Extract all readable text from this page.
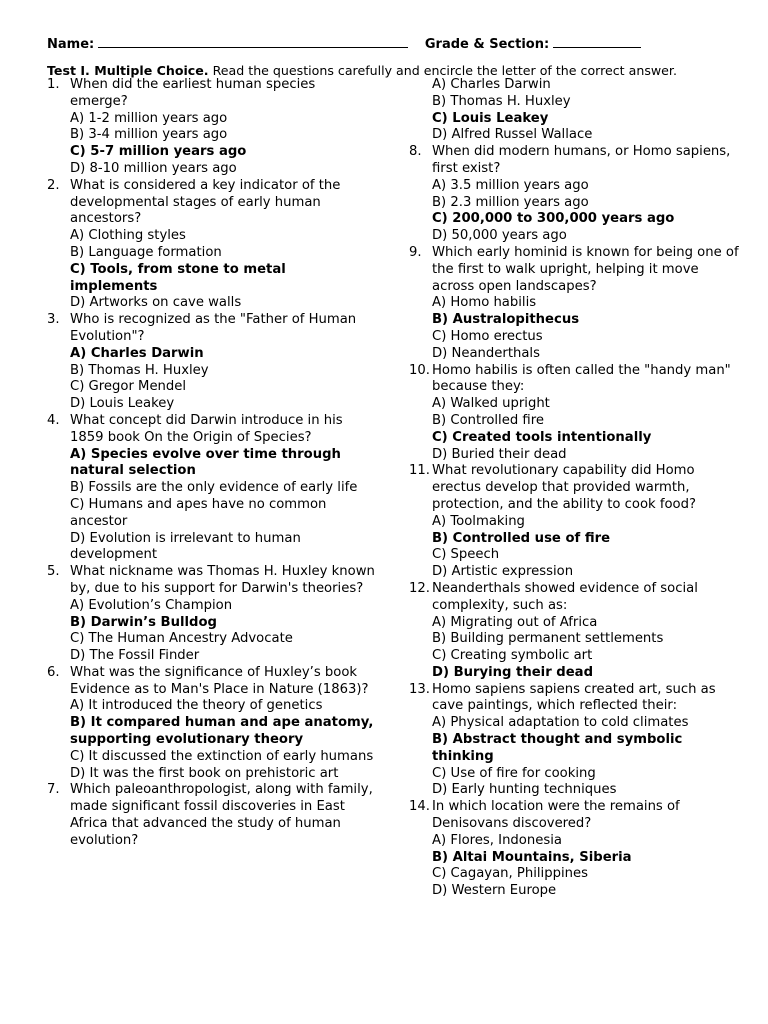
Name:	Grade & Section:
Test I. Multiple Choice. Read the questions carefully and encircle the letter of the correct answer.
1. When did the earliest human species emerge?
A) 1-2 million years ago
B) 3-4 million years ago
C) 5-7 million years ago
D) 8-10 million years ago
2. What is considered a key indicator of the developmental stages of early human ancestors?
A) Clothing styles
B) Language formation
C) Tools, from stone to metal implements
D) Artworks on cave walls
3. Who is recognized as the "Father of Human Evolution"?
A) Charles Darwin
B) Thomas H. Huxley
C) Gregor Mendel
D) Louis Leakey
4. What concept did Darwin introduce in his 1859 book On the Origin of Species?
A) Species evolve over time through natural selection
B) Fossils are the only evidence of early life
C) Humans and apes have no common ancestor
D) Evolution is irrelevant to human development
5. What nickname was Thomas H. Huxley known by, due to his support for Darwin's theories?
A) Evolution’s Champion
B) Darwin’s Bulldog
C) The Human Ancestry Advocate
D) The Fossil Finder
6. What was the significance of Huxley’s book Evidence as to Man's Place in Nature (1863)?
A) It introduced the theory of genetics
B) It compared human and ape anatomy, supporting evolutionary theory
C) It discussed the extinction of early humans
D) It was the first book on prehistoric art
7. Which paleoanthropologist, along with family, made significant fossil discoveries in East Africa that advanced the study of human evolution?
A) Charles Darwin
B) Thomas H. Huxley
C) Louis Leakey
D) Alfred Russel Wallace
8. When did modern humans, or Homo sapiens, first exist?
A) 3.5 million years ago
B) 2.3 million years ago
C) 200,000 to 300,000 years ago
D) 50,000 years ago
9. Which early hominid is known for being one of the first to walk upright, helping it move across open landscapes?
A) Homo habilis
B) Australopithecus
C) Homo erectus
D) Neanderthals
10. Homo habilis is often called the "handy man" because they:
A) Walked upright
B) Controlled fire
C) Created tools intentionally
D) Buried their dead
11. What revolutionary capability did Homo erectus develop that provided warmth, protection, and the ability to cook food?
A) Toolmaking
B) Controlled use of fire
C) Speech
D) Artistic expression
12. Neanderthals showed evidence of social complexity, such as:
A) Migrating out of Africa
B) Building permanent settlements
C) Creating symbolic art
D) Burying their dead
13. Homo sapiens sapiens created art, such as cave paintings, which reflected their:
A) Physical adaptation to cold climates
B) Abstract thought and symbolic thinking
C) Use of fire for cooking
D) Early hunting techniques
14. In which location were the remains of Denisovans discovered?
A) Flores, Indonesia
B) Altai Mountains, Siberia
C) Cagayan, Philippines
D) Western Europe
